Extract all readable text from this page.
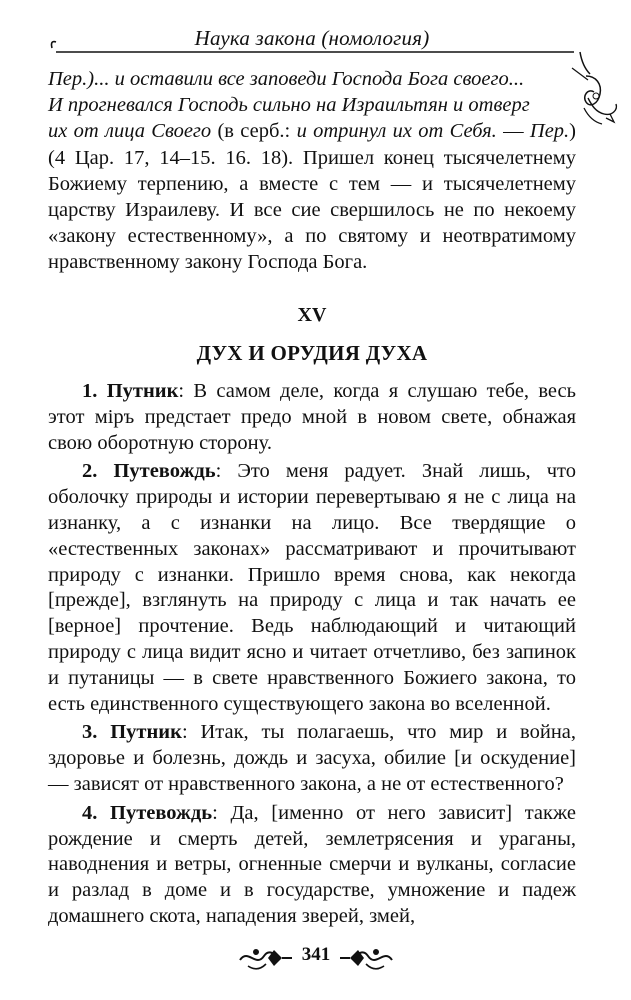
Наука закона (номология)

Пер.)... и оставили все заповеди Господа Бога своего...
И прогневался Господь сильно на Израильтян и отверг
их от лица Своего (в серб.: и отринул их от Себя. — Пер.) (4 Цар. 17, 14–15. 16. 18). Пришел конец тысячелетнему Божиему терпению, а вместе с тем — и тысячелетнему царству Израилеву. И все сие свершилось не по некоему «закону естественному», а по святому и неотвратимому нравственному закону Господа Бога.

XV
ДУХ И ОРУДИЯ ДУХА

1. Путник: В самом деле, когда я слушаю тебе, весь этот міръ предстает предо мной в новом свете, обнажая свою оборотную сторону.

2. Путевождь: Это меня радует. Знай лишь, что оболочку природы и истории перевертываю я не с лица на изнанку, а с изнанки на лицо. Все твердящие о «естественных законах» рассматривают и прочитывают природу с изнанки. Пришло время снова, как некогда [прежде], взглянуть на природу с лица и так начать ее [верное] прочтение. Ведь наблюдающий и читающий природу с лица видит ясно и читает отчетливо, без запинок и путаницы — в свете нравственного Божиего закона, то есть единственного существующего закона во вселенной.

3. Путник: Итак, ты полагаешь, что мир и война, здоровье и болезнь, дождь и засуха, обилие [и оскудение] — зависят от нравственного закона, а не от естественного?

4. Путевождь: Да, [именно от него зависит] также рождение и смерть детей, землетрясения и ураганы, наводнения и ветры, огненные смерчи и вулканы, согласие и разлад в доме и в государстве, умножение и падеж домашнего скота, нападения зверей, змей,

341
